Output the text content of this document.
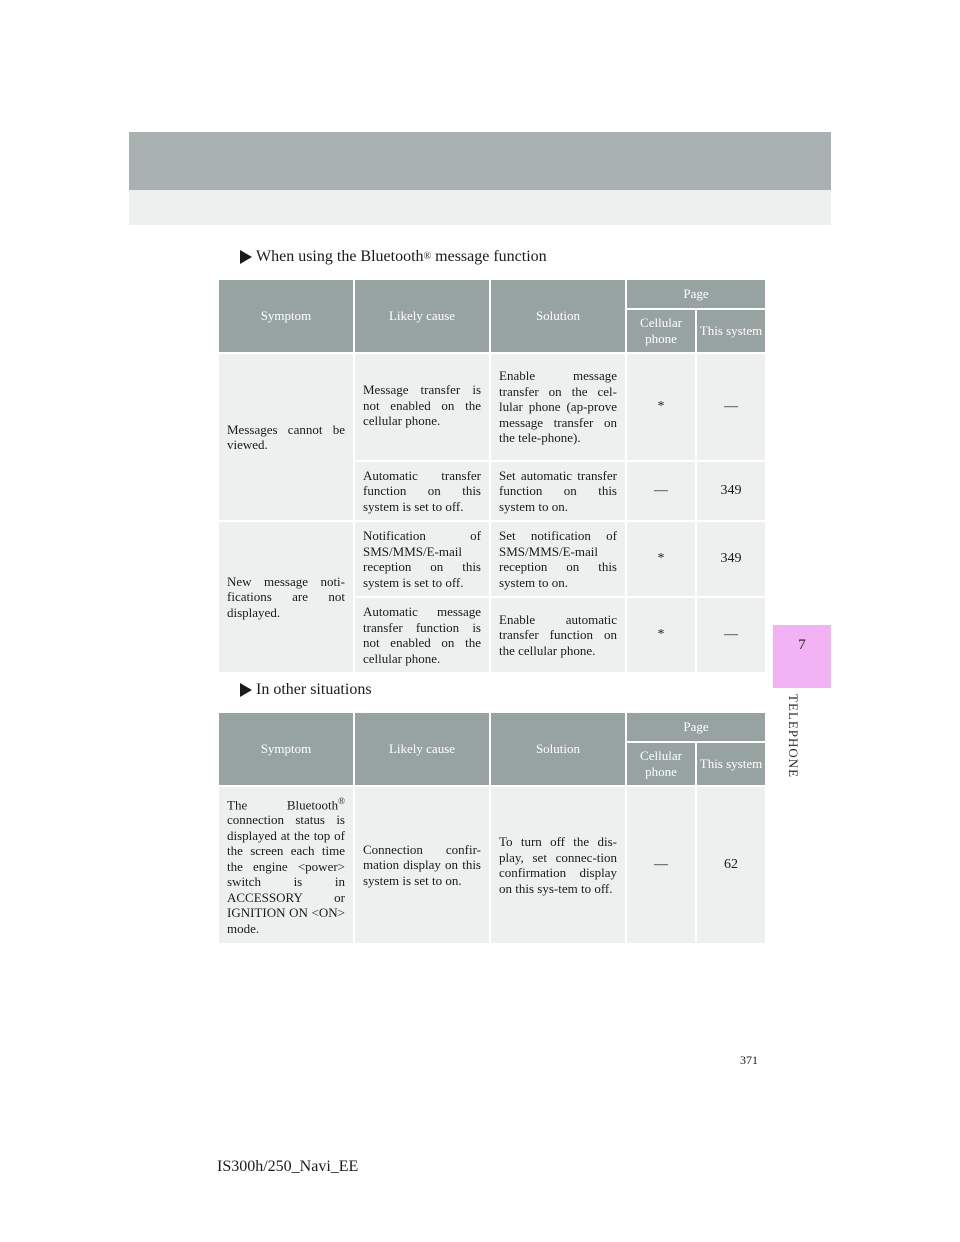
3. WHAT TO DO IF...
7
TELEPHONE
When using the Bluetooth ® message function
Symptom	Likely cause	Solution	Page	
			Cellular phone	This system
Messages cannot be viewed.	Message transfer is not enabled on the cellular phone.	Enable message transfer on the cel-lular phone (ap-prove message transfer on the tele-phone).	*	—
	Automatic transfer function on this system is set to off.	Set automatic transfer function on this system to on.	—	349
New message noti-fications are not displayed.	Notification of SMS/MMS/E-mail reception on this system is set to off.	Set notification of SMS/MMS/E-mail reception on this system to on.	*	349
	Automatic message transfer function is not enabled on the cellular phone.	Enable automatic transfer function on the cellular phone.	*	—
In other situations
Symptom	Likely cause	Solution	Page	
			Cellular phone	This system
The Bluetooth® connection status is displayed at the top of the screen each time the engine <power> switch is in ACCESSORY or IGNITION ON <ON> mode.	Connection confir-mation display on this system is set to on.	To turn off the dis-play, set connec-tion confirmation display on this sys-tem to off.	—	62
371
IS300h/250_Navi_EE
